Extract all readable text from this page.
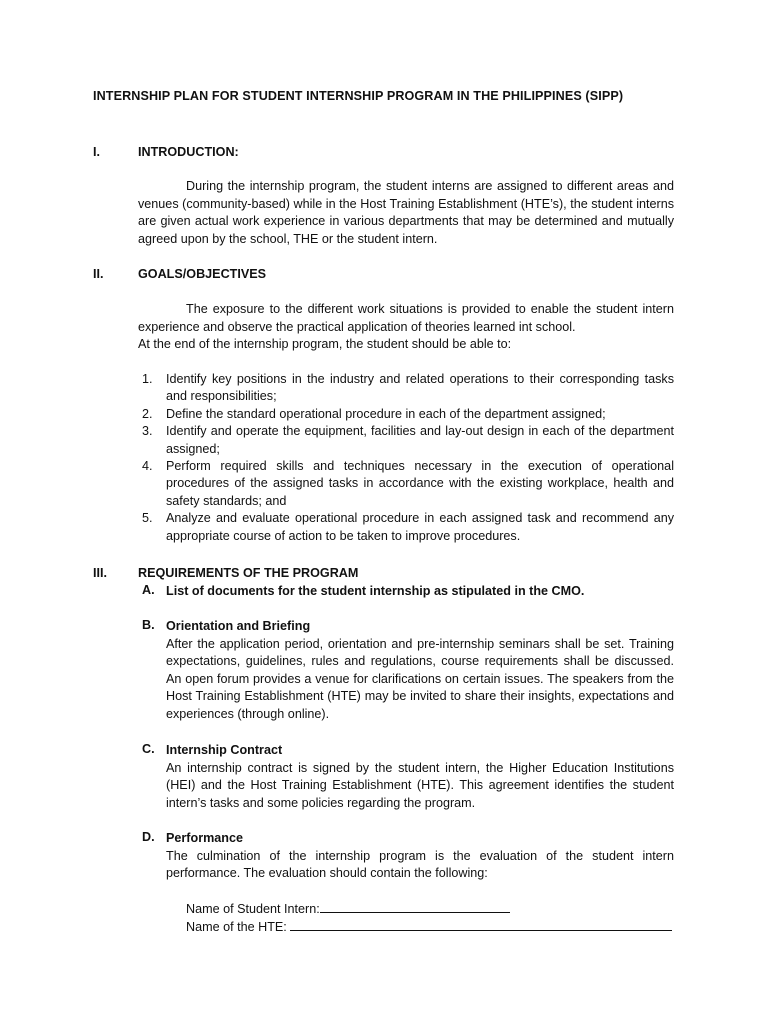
INTERNSHIP PLAN FOR STUDENT INTERNSHIP PROGRAM IN THE PHILIPPINES (SIPP)
I.	INTRODUCTION:
During the internship program, the student interns are assigned to different areas and venues (community-based) while in the Host Training Establishment (HTE’s), the student interns are given actual work experience in various departments that may be determined and mutually agreed upon by the school, THE or the student intern.
II.	GOALS/OBJECTIVES
The exposure to the different work situations is provided to enable the student intern experience and observe the practical application of theories learned int school.
At the end of the internship program, the student should be able to:
1. Identify key positions in the industry and related operations to their corresponding tasks and responsibilities;
2. Define the standard operational procedure in each of the department assigned;
3. Identify and operate the equipment, facilities and lay-out design in each of the department assigned;
4. Perform required skills and techniques necessary in the execution of operational procedures of the assigned tasks in accordance with the existing workplace, health and safety standards; and
5. Analyze and evaluate operational procedure in each assigned task and recommend any appropriate course of action to be taken to improve procedures.
III. REQUIREMENTS OF THE PROGRAM
A. List of documents for the student internship as stipulated in the CMO.
B. Orientation and Briefing
After the application period, orientation and pre-internship seminars shall be set. Training expectations, guidelines, rules and regulations, course requirements shall be discussed. An open forum provides a venue for clarifications on certain issues. The speakers from the Host Training Establishment (HTE) may be invited to share their insights, expectations and experiences (through online).
C. Internship Contract
An internship contract is signed by the student intern, the Higher Education Institutions (HEI) and the Host Training Establishment (HTE). This agreement identifies the student intern’s tasks and some policies regarding the program.
D. Performance
The culmination of the internship program is the evaluation of the student intern performance. The evaluation should contain the following:
Name of Student Intern:
Name of the HTE:
